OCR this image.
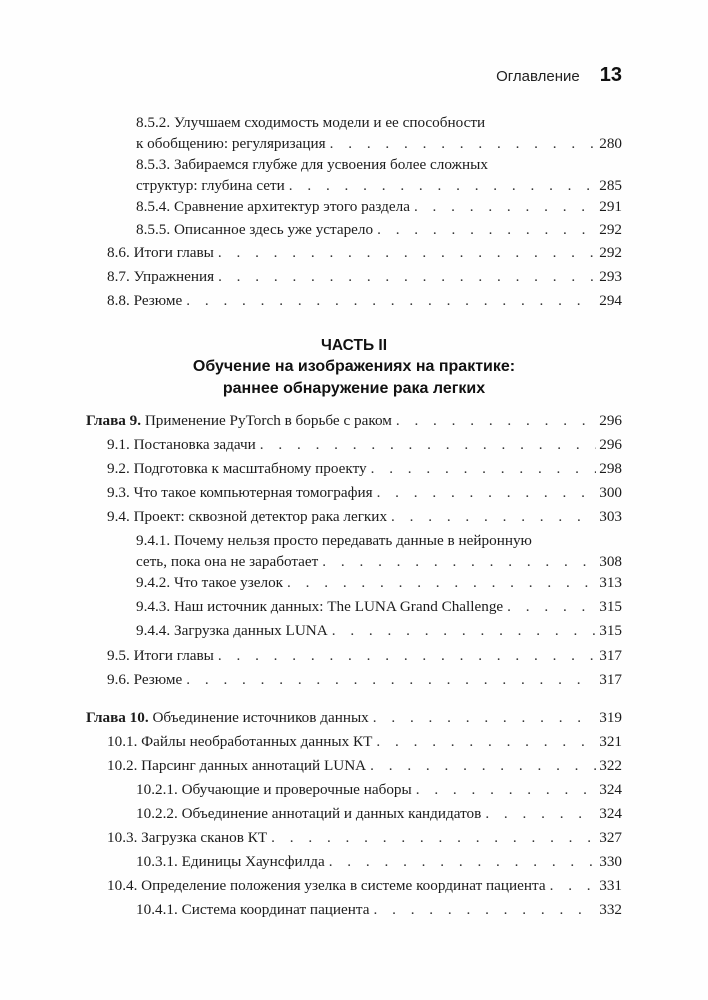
Оглавление 13
8.5.2. Улучшаем сходимость модели и ее способности
к обобщению: регуляризация . . .	280
8.5.3. Забираемся глубже для усвоения более сложных
структур: глубина сети . . .	285
8.5.4. Сравнение архитектур этого раздела . . .	291
8.5.5. Описанное здесь уже устарело . . .	292
8.6. Итоги главы . . .	292
8.7. Упражнения . . .	293
8.8. Резюме . . .	294
ЧАСТЬ II
Обучение на изображениях на практике:
раннее обнаружение рака легких
Глава 9. Применение PyTorch в борьбе с раком . . .	296
9.1. Постановка задачи . . .	296
9.2. Подготовка к масштабному проекту . . .	298
9.3. Что такое компьютерная томография . . .	300
9.4. Проект: сквозной детектор рака легких . . .	303
9.4.1. Почему нельзя просто передавать данные в нейронную
сеть, пока она не заработает . . .	308
9.4.2. Что такое узелок . . .	313
9.4.3. Наш источник данных: The LUNA Grand Challenge . . .	315
9.4.4. Загрузка данных LUNA . . .	315
9.5. Итоги главы . . .	317
9.6. Резюме . . .	317
Глава 10. Объединение источников данных . . .	319
10.1. Файлы необработанных данных КТ . . .	321
10.2. Парсинг данных аннотаций LUNA . . .	322
10.2.1. Обучающие и проверочные наборы . . .	324
10.2.2. Объединение аннотаций и данных кандидатов . . .	324
10.3. Загрузка сканов КТ . . .	327
10.3.1. Единицы Хаунсфилда . . .	330
10.4. Определение положения узелка в системе координат пациента . . .	331
10.4.1. Система координат пациента . . .	332
